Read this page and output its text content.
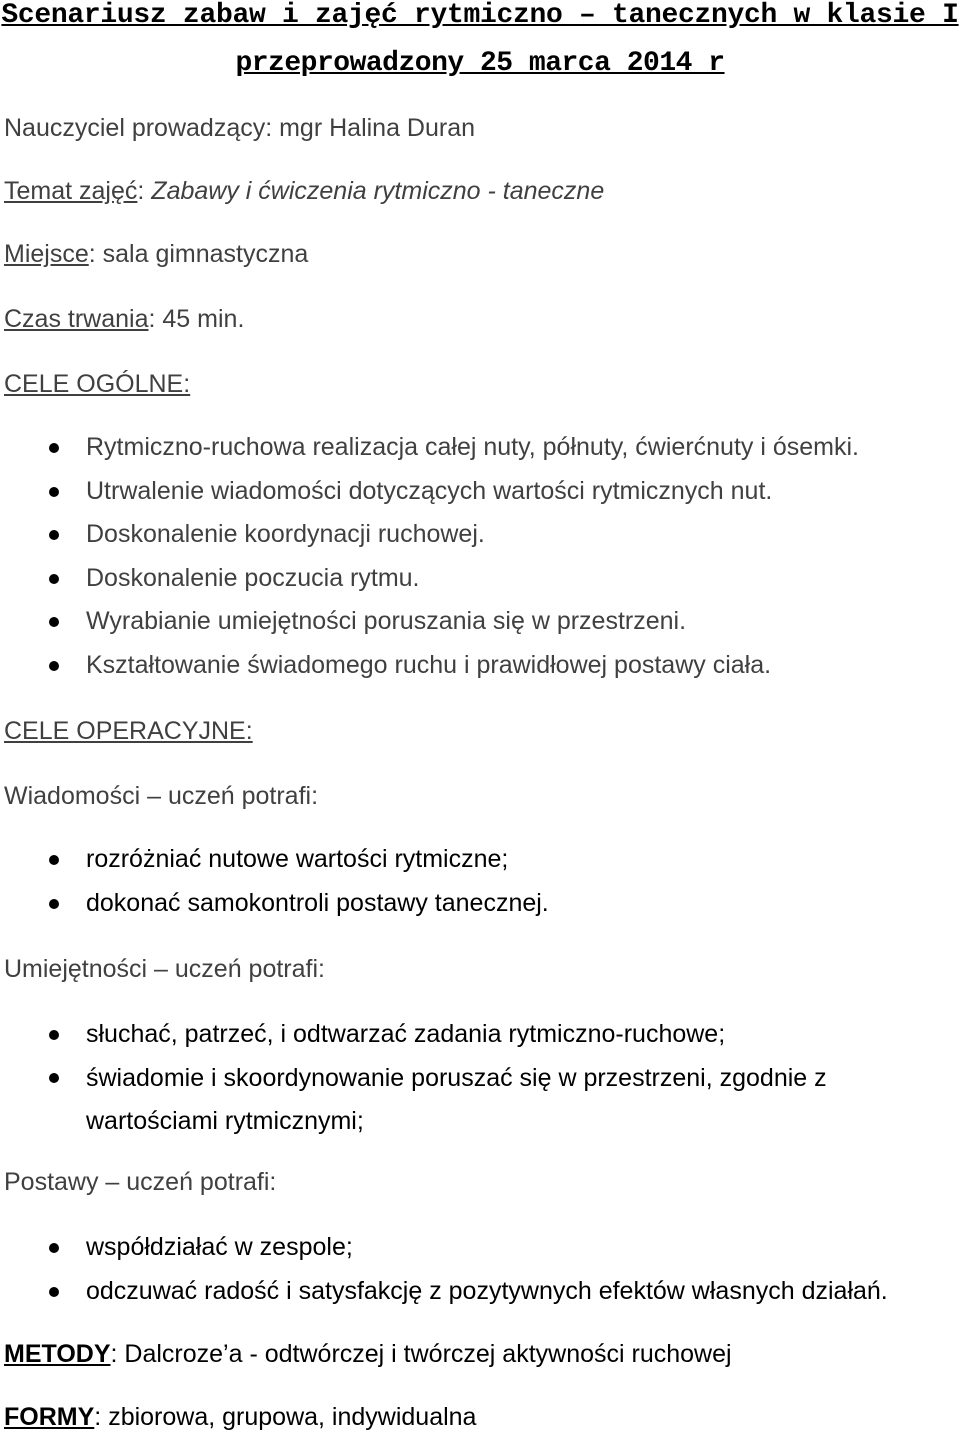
Scenariusz zabaw i zajęć rytmiczno – tanecznych w klasie I
przeprowadzony 25 marca 2014 r
Nauczyciel prowadzący: mgr Halina Duran
Temat zajęć: Zabawy i ćwiczenia rytmiczno - taneczne
Miejsce: sala gimnastyczna
Czas trwania: 45 min.
CELE OGÓLNE:
Rytmiczno-ruchowa realizacja całej nuty, półnuty, ćwierćnuty i ósemki.
Utrwalenie wiadomości dotyczących wartości rytmicznych nut.
Doskonalenie koordynacji ruchowej.
Doskonalenie poczucia rytmu.
Wyrabianie umiejętności poruszania się w przestrzeni.
Kształtowanie świadomego ruchu i prawidłowej postawy ciała.
CELE OPERACYJNE:
Wiadomości – uczeń potrafi:
rozróżniać nutowe wartości rytmiczne;
dokonać samokontroli postawy tanecznej.
Umiejętności – uczeń potrafi:
słuchać, patrzeć, i odtwarzać zadania rytmiczno-ruchowe;
świadomie i skoordynowanie poruszać się w przestrzeni, zgodnie z
wartościami rytmicznymi;
Postawy – uczeń potrafi:
współdziałać w zespole;
odczuwać radość i satysfakcję z pozytywnych efektów własnych działań.
METODY: Dalcroze’a - odtwórczej i twórczej aktywności ruchowej
FORMY: zbiorowa, grupowa, indywidualna
